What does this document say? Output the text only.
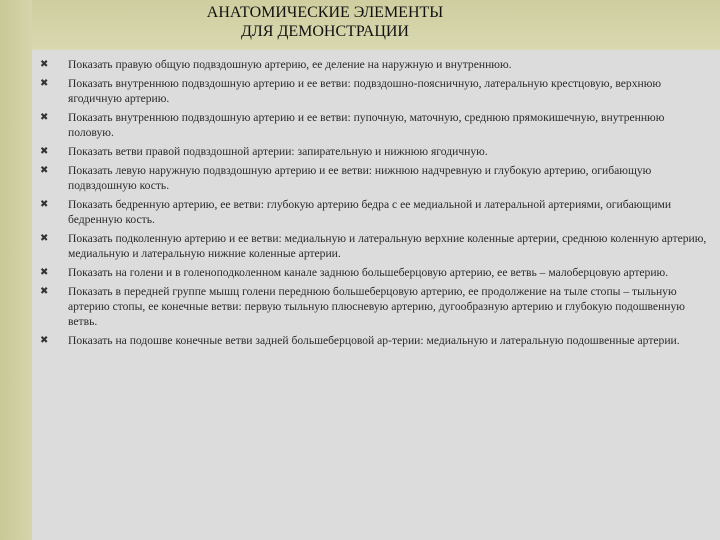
АНАТОМИЧЕСКИЕ ЭЛЕМЕНТЫ
ДЛЯ ДЕМОНСТРАЦИИ
✖	Показать правую общую подвздошную артерию, ее деление на наружную и внутреннюю.
✖	Показать внутреннюю подвздошную артерию и ее ветви: подвздошно-поясничную, латеральную крестцовую, верхнюю ягодичную артерию.
✖	Показать внутреннюю подвздошную артерию и ее ветви: пупочную, маточную, среднюю прямокишечную, внутреннюю половую.
✖	Показать ветви правой подвздошной артерии: запирательную и нижнюю ягодичную.
✖	Показать левую наружную подвздошную артерию и ее ветви: нижнюю надчревную и глубокую артерию, огибающую подвздошную кость.
✖	Показать бедренную артерию, ее ветви: глубокую артерию бедра с ее медиальной и латеральной артериями, огибающими бедренную кость.
✖	Показать подколенную артерию и ее ветви: медиальную и латеральную верхние коленные артерии, среднюю коленную артерию, медиальную и латеральную нижние коленные артерии.
✖	Показать на голени и в голеноподколенном канале заднюю большеберцовую артерию, ее ветвь – малоберцовую артерию.
✖	Показать в передней группе мышц голени переднюю большеберцовую артерию, ее продолжение на тыле стопы – тыльную артерию стопы, ее конечные ветви: первую тыльную плюсневую артерию, дугообразную артерию и глубокую подошвенную ветвь.
✖	Показать на подошве конечные ветви задней большеберцовой ар-терии: медиальную и латеральную подошвенные артерии.
